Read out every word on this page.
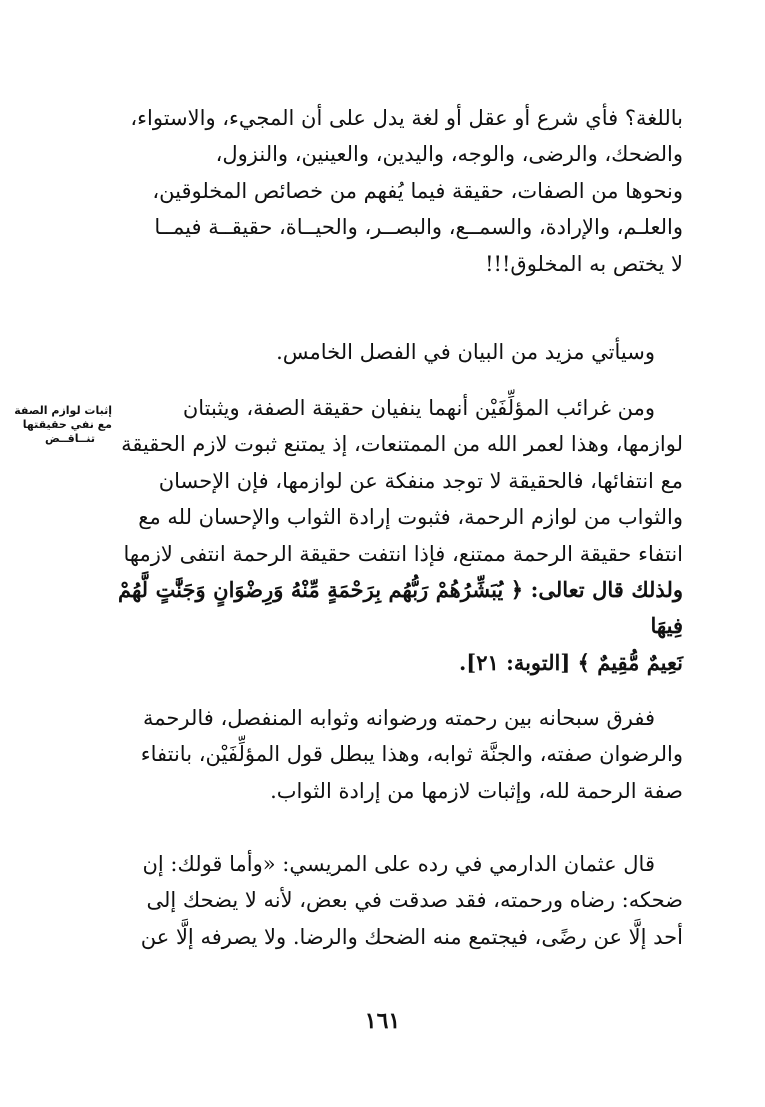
باللغة؟ فأي شرع أو عقل أو لغة يدل على أن المجيء، والاستواء،

والضحك، والرضى، والوجه، واليدين، والعينين، والنزول،

ونحوها من الصفات، حقيقة فيما يُفهم من خصائص المخلوقين،

والعلـم، والإرادة، والسمــع، والبصــر، والحيــاة، حقيقــة فيمــا

لا يختص به المخلوق!!!

وسيأتي مزيد من البيان في الفصل الخامس.

إثبات لوازم الصفة
مع نفي حقيقتها
تنــاقــض

ومن غرائب المؤلِّفَيْن أنهما ينفيان حقيقة الصفة، ويثبتان

لوازمها، وهذا لعمر الله من الممتنعات، إذ يمتنع ثبوت لازم الحقيقة

مع انتفائها، فالحقيقة لا توجد منفكة عن لوازمها، فإن الإحسان

والثواب من لوازم الرحمة، فثبوت إرادة الثواب والإحسان لله مع

انتفاء حقيقة الرحمة ممتنع، فإذا انتفت حقيقة الرحمة انتفى لازمها

ولذلك قال تعالى: ﴿ يُبَشِّرُهُمْ رَبُّهُم بِرَحْمَةٍ مِّنْهُ وَرِضْوَانٍ وَجَنَّٰتٍ لَّهُمْ فِيهَا

نَعِيمٌ مُّقِيمٌ ﴾ [التوبة: ٢١].

ففرق سبحانه بين رحمته ورضوانه وثوابه المنفصل، فالرحمة

والرضوان صفته، والجنَّة ثوابه، وهذا يبطل قول المؤلِّفَيْن، بانتفاء

صفة الرحمة لله، وإثبات لازمها من إرادة الثواب.

قال عثمان الدارمي في رده على المريسي: «وأما قولك: إن

ضحكه: رضاه ورحمته، فقد صدقت في بعض، لأنه لا يضحك إلى

أحد إلَّا عن رضًى، فيجتمع منه الضحك والرضا. ولا يصرفه إلَّا عن

١٦١
